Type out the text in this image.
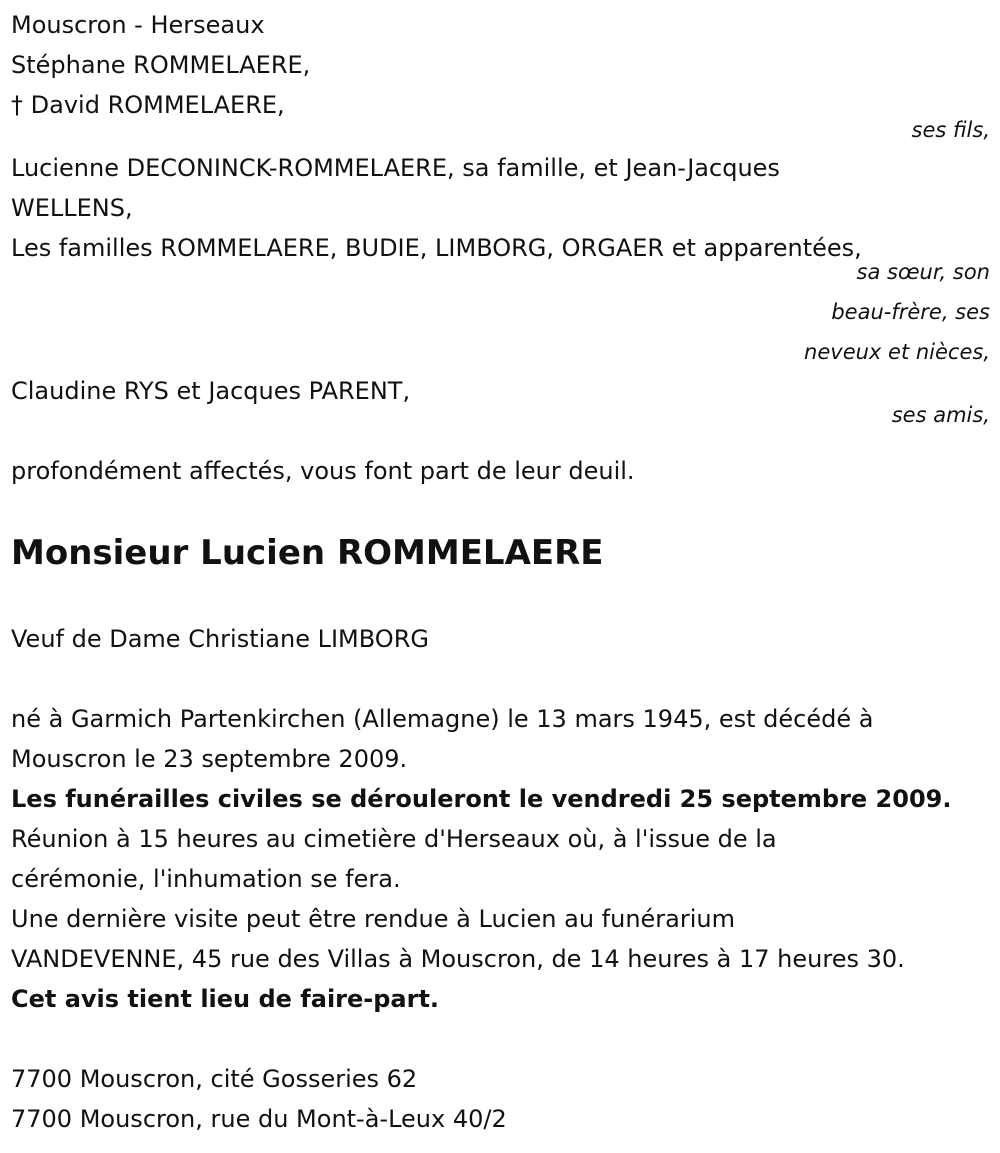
Mouscron - Herseaux
Stéphane ROMMELAERE,
† David ROMMELAERE,
ses fils,
Lucienne DECONINCK-ROMMELAERE, sa famille, et Jean-Jacques
WELLENS,
Les familles ROMMELAERE, BUDIE, LIMBORG, ORGAER et apparentées,
sa sœur, son
beau-frère, ses
neveux et nièces,
Claudine RYS et Jacques PARENT,
ses amis,
profondément affectés, vous font part de leur deuil.
Monsieur Lucien ROMMELAERE
Veuf de Dame Christiane LIMBORG
né à Garmich Partenkirchen (Allemagne) le 13 mars 1945, est décédé à
Mouscron le 23 septembre 2009.
Les funérailles civiles se dérouleront le vendredi 25 septembre 2009.
Réunion à 15 heures au cimetière d'Herseaux où, à l'issue de la
cérémonie, l'inhumation se fera.
Une dernière visite peut être rendue à Lucien au funérarium
VANDEVENNE, 45 rue des Villas à Mouscron, de 14 heures à 17 heures 30.
Cet avis tient lieu de faire-part.
7700 Mouscron, cité Gosseries 62
7700 Mouscron, rue du Mont-à-Leux 40/2
